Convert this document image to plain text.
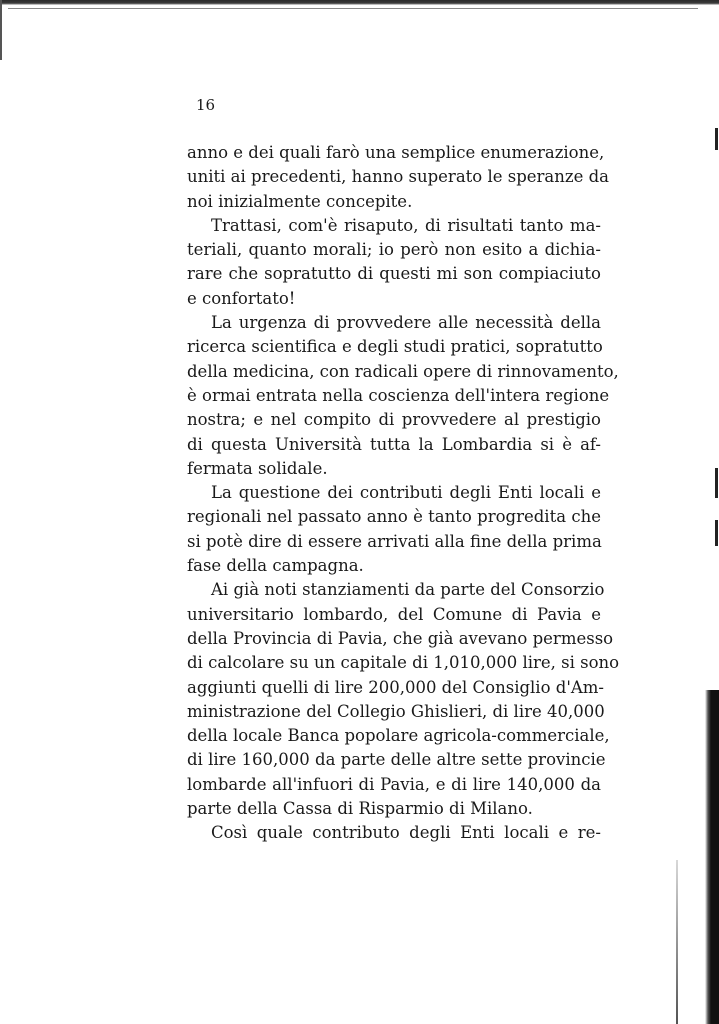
16
anno e dei quali farò una semplice enumerazione,
uniti ai precedenti, hanno superato le speranze da
noi inizialmente concepite.
Trattasi, com'è risaputo, di risultati tanto ma-
teriali, quanto morali; io però non esito a dichia-
rare che sopratutto di questi mi son compiaciuto
e confortato!
La urgenza di provvedere alle necessità della
ricerca scientifica e degli studi pratici, sopratutto
della medicina, con radicali opere di rinnovamento,
è ormai entrata nella coscienza dell'intera regione
nostra; e nel compito di provvedere al prestigio
di questa Università tutta la Lombardia si è af-
fermata solidale.
La questione dei contributi degli Enti locali e
regionali nel passato anno è tanto progredita che
si potè dire di essere arrivati alla fine della prima
fase della campagna.
Ai già noti stanziamenti da parte del Consorzio
universitario lombardo, del Comune di Pavia e
della Provincia di Pavia, che già avevano permesso
di calcolare su un capitale di 1,010,000 lire, si sono
aggiunti quelli di lire 200,000 del Consiglio d'Am-
ministrazione del Collegio Ghislieri, di lire 40,000
della locale Banca popolare agricola-commerciale,
di lire 160,000 da parte delle altre sette provincie
lombarde all'infuori di Pavia, e di lire 140,000 da
parte della Cassa di Risparmio di Milano.
Così quale contributo degli Enti locali e re-
